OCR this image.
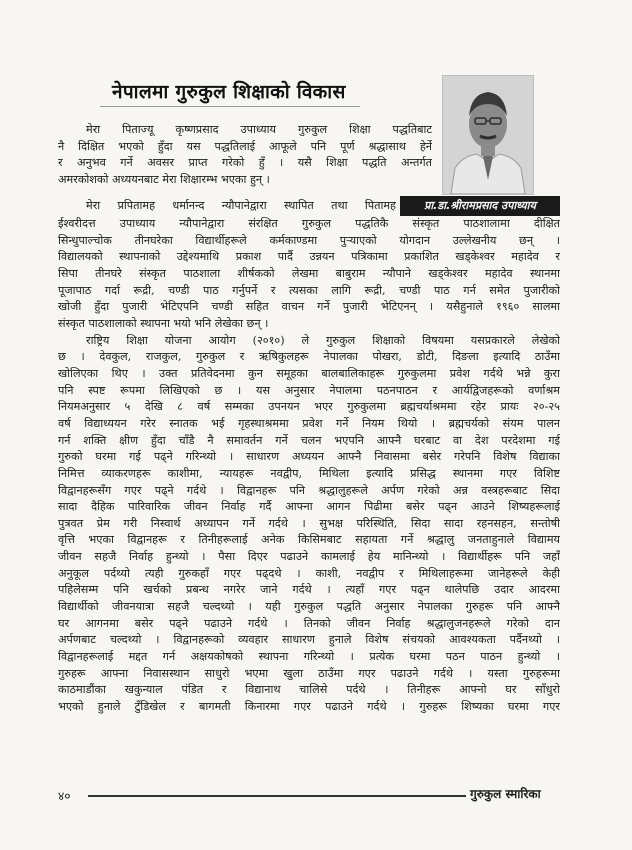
नेपालमा गुरुकुल शिक्षाको विकास
प्रा.डा.श्रीरामप्रसाद उपाध्याय
मेरा पिताज्यू कृष्णप्रसाद उपाध्याय गुरुकुल शिक्षा पद्धतिबाट
नै दिक्षित भएको हुँदा यस पद्धतिलाई आफूले पनि पूर्ण श्रद्धासाथ हेर्ने
र अनुभव गर्ने अवसर प्राप्त गरेको हुँ । यसै शिक्षा पद्धति अन्तर्गत
अमरकोशको अध्ययनबाट मेरा शिक्षारम्भ भएका हुन् ।
मेरा प्रपितामह धर्मानन्द न्यौपानेद्वारा स्थापित तथा पितामह
ईश्वरीदत्त उपाध्याय न्यौपानेद्वारा संरक्षित गुरुकुल पद्धतिकै संस्कृत पाठशालामा दीक्षित
सिन्धुपाल्चोक तीनघरेका विद्यार्थीहरूले कर्मकाण्डमा पुऱ्याएको योगदान उल्लेखनीय छन् ।
विद्यालयको स्थापनाको उद्देश्यमाथि प्रकाश पार्दै उन्नयन पत्रिकामा प्रकाशित खड्केश्वर महादेव र
सिपा तीनघरे संस्कृत पाठशाला शीर्षकको लेखमा बाबुराम न्यौपाने खड्केश्वर महादेव स्थानमा
पूजापाठ गर्दा रूद्री, चण्डी पाठ गर्नुपर्ने र त्यसका लागि रूद्री, चण्डी पाठ गर्न समेत पुजारीको
खोजी हुँदा पुजारी भेटिएपनि चण्डी सहित वाचन गर्ने पुजारी भेटिएनन् । यसैहुनाले १९६० सालमा
संस्कृत पाठशालाको स्थापना भयो भनि लेखेका छन् ।
राष्ट्रिय शिक्षा योजना आयोग (२०१०) ले गुरुकुल शिक्षाको विषयमा यसप्रकारले लेखेको
छ । देवकुल, राजकुल, गुरुकुल र ऋषिकुलहरू नेपालका पोखरा, डोटी, दिङला इत्यादि ठाउँमा
खोलिएका थिए । उक्त प्रतिवेदनमा कुन समूहका बालबालिकाहरू गुरुकुलमा प्रवेश गर्दथे भन्ने कुरा
पनि स्पष्ट रूपमा लिखिएको छ । यस अनुसार नेपालमा पठनपाठन र आर्यद्विजहरूको वर्णाश्रम
नियमअनुसार ५ देखि ८ वर्ष सम्मका उपनयन भएर गुरुकुलमा ब्रह्मचर्याश्रममा रहेर प्रायः २०-२५
वर्ष विद्याध्ययन गरेर स्नातक भई गृहस्थाश्रममा प्रवेश गर्ने नियम थियो । ब्रह्मचर्यको संयम पालन
गर्न शक्ति क्षीण हुँदा चाँडै नै समावर्तन गर्ने चलन भएपनि आफ्नै घरबाट वा देश परदेशमा गई
गुरुको घरमा गई पढ्ने गरिन्थ्यो । साधारण अध्ययन आफ्नै निवासमा बसेर गरेपनि विशेष विद्याका
निमित्त व्याकरणहरू काशीमा, न्यायहरू नवद्वीप, मिथिला इत्यादि प्रसिद्ध स्थानमा गएर विशिष्ट
विद्वानहरूसँग गएर पढ्ने गर्दथे । विद्वानहरू पनि श्रद्धालुहरूले अर्पण गरेको अन्न वस्त्रहरूबाट सिदा
सादा दैहिक पारिवारिक जीवन निर्वाह गर्दै आफ्ना आगन पिढीमा बसेर पढ्न आउने शिष्यहरूलाई
पुत्रवत प्रेम गरी निस्वार्थ अध्यापन गर्ने गर्दथे । सुभक्ष परिस्थिति, सिदा सादा रहनसहन, सन्तोषी
वृत्ति भएका विद्वानहरू र तिनीहरूलाई अनेक किसिमबाट सहायता गर्ने श्रद्धालु जनताहुनाले विद्यामय
जीवन सहजै निर्वाह हुन्थ्यो । पैसा दिएर पढाउने कामलाई हेय मानिन्थ्यो । विद्यार्थीहरू पनि जहाँ
अनुकूल पर्दथ्यो त्यही गुरुकहाँ गएर पढ्दथे । काशी, नवद्वीप र मिथिलाहरूमा जानेहरूले केही
पहिलेसम्म पनि खर्चको प्रबन्ध नगरेर जाने गर्दथे । त्यहाँ गएर पढ्न थालेपछि उदार आदरमा
विद्यार्थीको जीवनयात्रा सहजै चल्दथ्यो । यही गुरुकुल पद्धति अनुसार नेपालका गुरुहरू पनि आफ्नै
घर आगनमा बसेर पढ्ने पढाउने गर्दथे । तिनको जीवन निर्वाह श्रद्धालुजनहरूले गरेको दान
अर्पणबाट चल्दथ्यो । विद्वानहरूको व्यवहार साधारण हुनाले विशेष संचयको आवश्यकता पर्दैनथ्यो ।
विद्वानहरूलाई मद्दत गर्न अक्षयकोषको स्थापना गरिन्थ्यो । प्रत्येक घरमा पठन पाठन हुन्थ्यो ।
गुरुहरू आफ्ना निवासस्थान साधुरो भएमा खुला ठाउँमा गएर पढाउने गर्दथे । यस्ता गुरुहरूमा
काठमाडौंका खकुन्याल पंडित र विद्यानाथ चालिसे पर्दथे । तिनीहरू आफ्नो घर साँधुरो
भएको हुनाले टुँडिखेल र बागमती किनारमा गएर पढाउने गर्दथे । गुरुहरू शिष्यका घरमा गएर
४०	गुरुकुल स्मारिका
